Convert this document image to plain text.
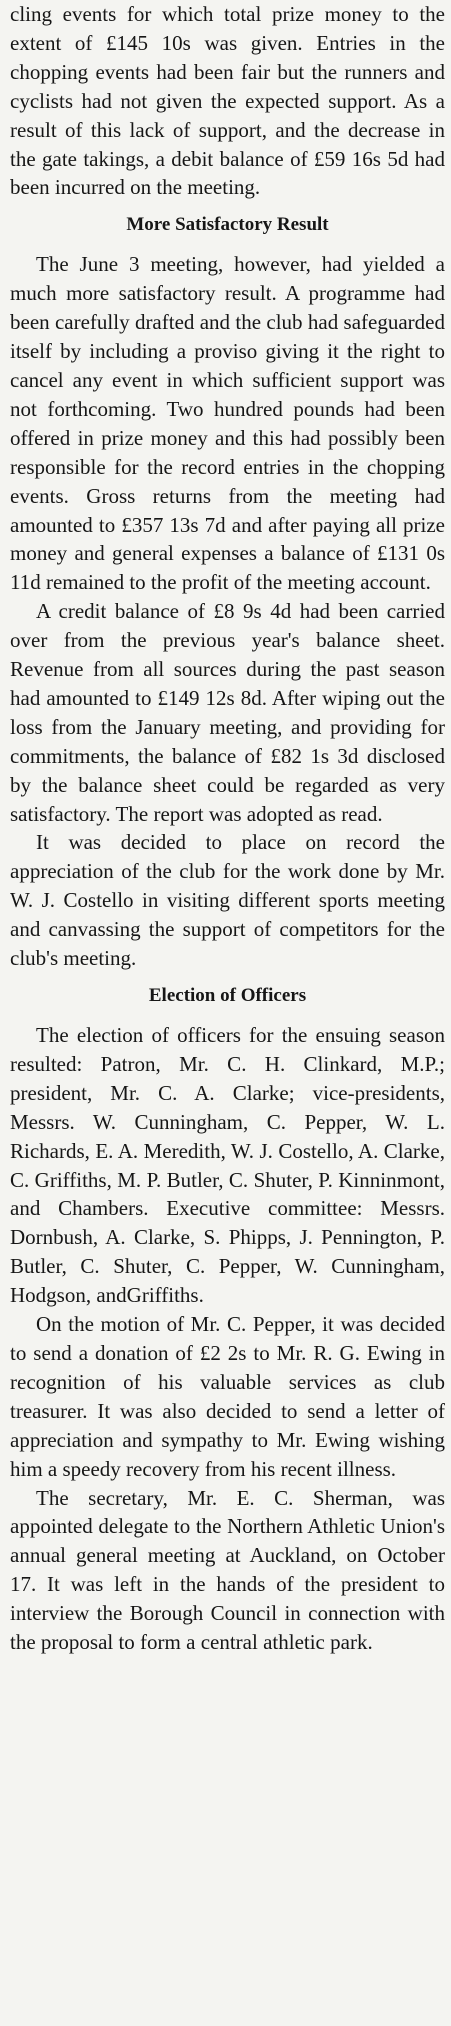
cling events for which total prize money to the extent of £145 10s was given. Entries in the chopping events had been fair but the runners and cyclists had not given the expected support. As a result of this lack of support, and the decrease in the gate takings, a debit balance of £59 16s 5d had been incurred on the meeting.

More Satisfactory Result

The June 3 meeting, however, had yielded a much more satisfactory result. A programme had been carefully drafted and the club had safeguarded itself by including a proviso giving it the right to cancel any event in which sufficient support was not forthcoming. Two hundred pounds had been offered in prize money and this had possibly been responsible for the record entries in the chopping events. Gross returns from the meeting had amounted to £357 13s 7d and after paying all prize money and general expenses a balance of £131 0s 11d remained to the profit of the meeting account.

A credit balance of £8 9s 4d had been carried over from the previous year's balance sheet. Revenue from all sources during the past season had amounted to £149 12s 8d. After wiping out the loss from the January meeting, and providing for commitments, the balance of £82 1s 3d disclosed by the balance sheet could be regarded as very satisfactory. The report was adopted as read.

It was decided to place on record the appreciation of the club for the work done by Mr. W. J. Costello in visiting different sports meeting and canvassing the support of competitors for the club's meeting.

Election of Officers

The election of officers for the ensuing season resulted: Patron, Mr. C. H. Clinkard, M.P.; president, Mr. C. A. Clarke; vice-presidents, Messrs. W. Cunningham, C. Pepper, W. L. Richards, E. A. Meredith, W. J. Costello, A. Clarke, C. Griffiths, M. P. Butler, C. Shuter, P. Kinninmont, and Chambers. Executive committee: Messrs. Dornbush, A. Clarke, S. Phipps, J. Pennington, P. Butler, C. Shuter, C. Pepper, W. Cunningham, Hodgson, andGriffiths.

On the motion of Mr. C. Pepper, it was decided to send a donation of £2 2s to Mr. R. G. Ewing in recognition of his valuable services as club treasurer. It was also decided to send a letter of appreciation and sympathy to Mr. Ewing wishing him a speedy recovery from his recent illness.

The secretary, Mr. E. C. Sherman, was appointed delegate to the Northern Athletic Union's annual general meeting at Auckland, on October 17. It was left in the hands of the president to interview the Borough Council in connection with the proposal to form a central athletic park.
